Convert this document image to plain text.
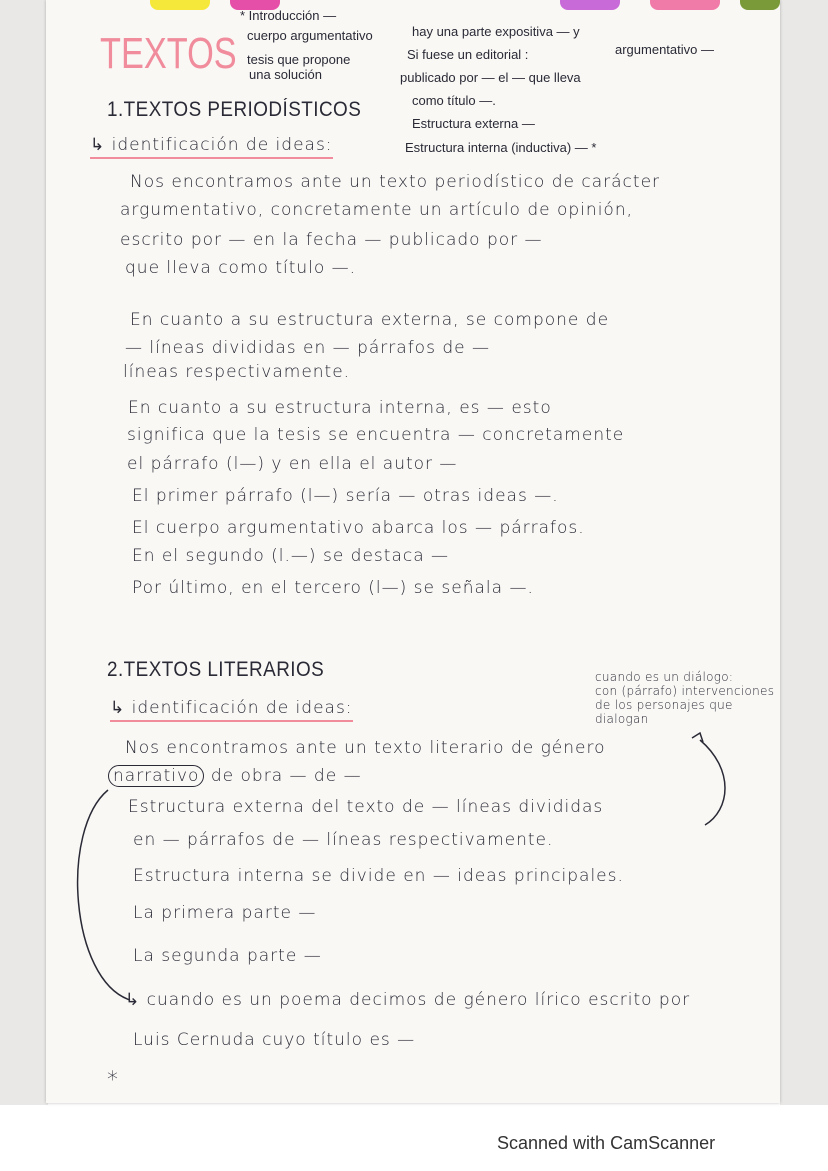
TEXTOS
* Introducción —
cuerpo argumentativo
tesis que propone
una solución
hay una parte expositiva — y
argumentativo —
Si fuese un editorial :
publicado por — el — que lleva
como título —.
Estructura externa —
Estructura interna (inductiva) — *
1.TEXTOS PERIODÍSTICOS
↳ identificación de ideas:
Nos encontramos ante un texto periodístico de carácter
argumentativo, concretamente un artículo de opinión,
escrito por — en la fecha — publicado por —
que lleva como título —.
En cuanto a su estructura externa, se compone de
— líneas divididas en — párrafos de —
líneas respectivamente.
En cuanto a su estructura interna, es — esto
significa que la tesis se encuentra — concretamente
el párrafo (l—) y en ella el autor —
El primer párrafo (l—) sería — otras ideas —.
El cuerpo argumentativo abarca los — párrafos.
En el segundo (l.—) se destaca —
Por último, en el tercero (l—) se señala —.
2.TEXTOS LITERARIOS
↳ identificación de ideas:
cuando es un diálogo:
con (párrafo) intervenciones
de los personajes que
dialogan
Nos encontramos ante un texto literario de género
narrativo de obra — de —
Estructura externa del texto de — líneas divididas
en — párrafos de — líneas respectivamente.
Estructura interna se divide en — ideas principales.
La primera parte —
La segunda parte —
↳ cuando es un poema decimos de género lírico escrito por
Luis Cernuda cuyo título es —
*
Scanned with CamScanner
